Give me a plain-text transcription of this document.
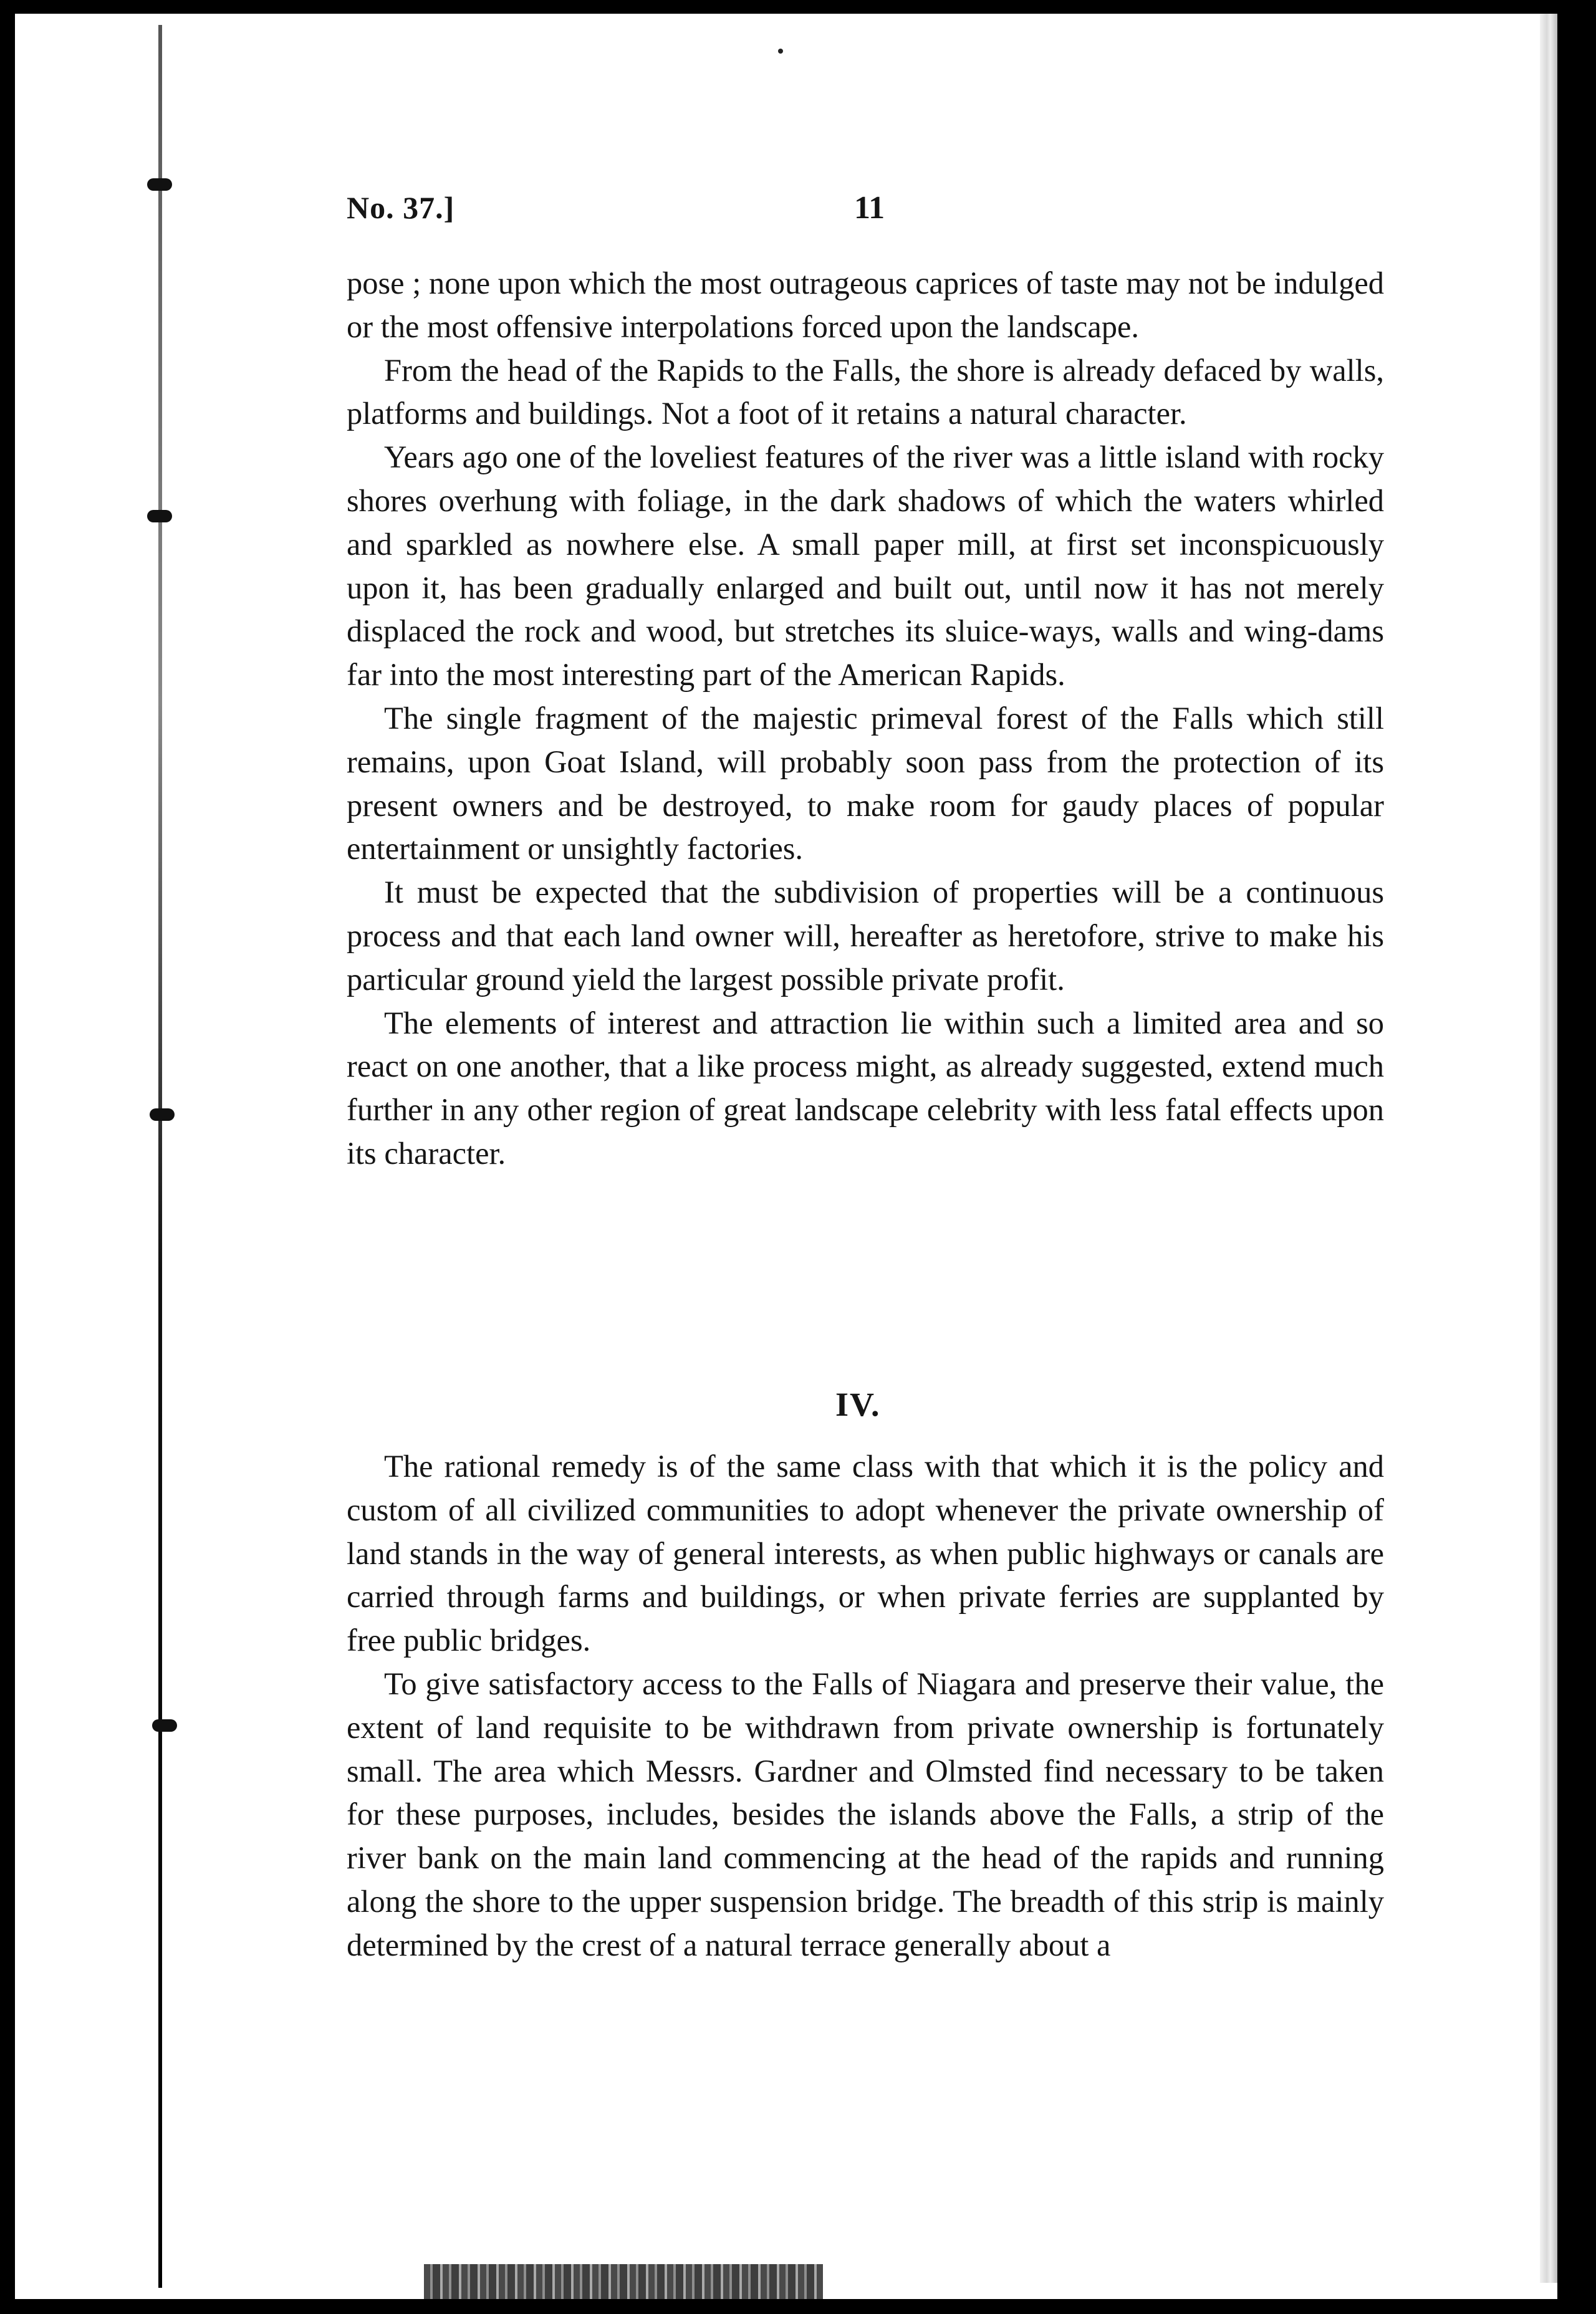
No. 37.]	11

pose ; none upon which the most outrageous caprices of taste may not be indulged or the most offensive interpolations forced upon the landscape.

From the head of the Rapids to the Falls, the shore is already defaced by walls, platforms and buildings. Not a foot of it retains a natural character.

Years ago one of the loveliest features of the river was a little island with rocky shores overhung with foliage, in the dark shadows of which the waters whirled and sparkled as nowhere else. A small paper mill, at first set inconspicuously upon it, has been gradually enlarged and built out, until now it has not merely displaced the rock and wood, but stretches its sluice-ways, walls and wing-dams far into the most interesting part of the American Rapids.

The single fragment of the majestic primeval forest of the Falls which still remains, upon Goat Island, will probably soon pass from the protection of its present owners and be destroyed, to make room for gaudy places of popular entertainment or unsightly factories.

It must be expected that the subdivision of properties will be a continuous process and that each land owner will, hereafter as heretofore, strive to make his particular ground yield the largest possible private profit.

The elements of interest and attraction lie within such a limited area and so react on one another, that a like process might, as already suggested, extend much further in any other region of great landscape celebrity with less fatal effects upon its character.

IV.

The rational remedy is of the same class with that which it is the policy and custom of all civilized communities to adopt whenever the private ownership of land stands in the way of general interests, as when public highways or canals are carried through farms and buildings, or when private ferries are supplanted by free public bridges.

To give satisfactory access to the Falls of Niagara and preserve their value, the extent of land requisite to be withdrawn from private ownership is fortunately small. The area which Messrs. Gardner and Olmsted find necessary to be taken for these purposes, includes, besides the islands above the Falls, a strip of the river bank on the main land commencing at the head of the rapids and running along the shore to the upper suspension bridge. The breadth of this strip is mainly determined by the crest of a natural terrace generally about a
